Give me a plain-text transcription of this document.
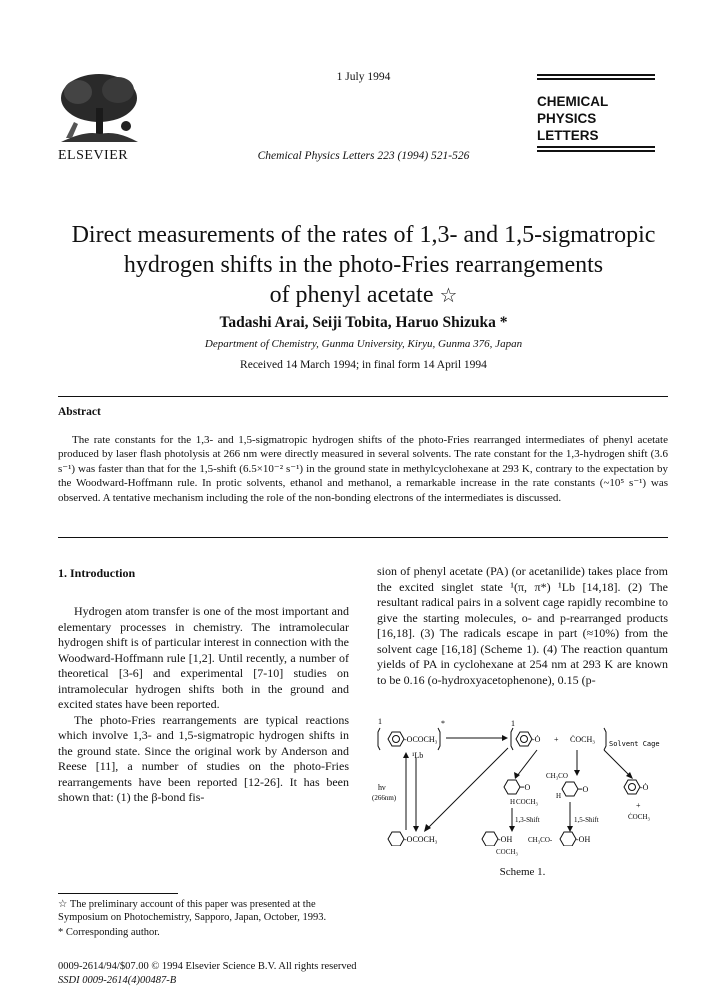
ELSEVIER
1 July 1994
Chemical Physics Letters 223 (1994) 521-526
CHEMICAL
PHYSICS
LETTERS
Direct measurements of the rates of 1,3- and 1,5-sigmatropic
hydrogen shifts in the photo-Fries rearrangements
of phenyl acetate ☆
Tadashi Arai, Seiji Tobita, Haruo Shizuka *
Department of Chemistry, Gunma University, Kiryu, Gunma 376, Japan
Received 14 March 1994; in final form 14 April 1994
Abstract
The rate constants for the 1,3- and 1,5-sigmatropic hydrogen shifts of the photo-Fries rearranged intermediates of phenyl acetate produced by laser flash photolysis at 266 nm were directly measured in several solvents. The rate constant for the 1,3-hydrogen shift (3.6 s⁻¹) was faster than that for the 1,5-shift (6.5×10⁻² s⁻¹) in the ground state in methylcyclohexane at 293 K, contrary to the expectation by the Woodward-Hoffmann rule. In protic solvents, ethanol and methanol, a remarkable increase in the rate constants (~10⁵ s⁻¹) was observed. A tentative mechanism including the role of the non-bonding electrons of the intermediates is discussed.
1. Introduction

Hydrogen atom transfer is one of the most important and elementary processes in chemistry. The intramolecular hydrogen shift is of particular interest in connection with the Woodward-Hoffmann rule [1,2]. Until recently, a number of theoretical [3-6] and experimental [7-10] studies on intramolecular hydrogen shifts both in the ground and excited states have been reported.

The photo-Fries rearrangements are typical reactions which involve 1,3- and 1,5-sigmatropic hydrogen shifts in the ground state. Since the original work by Anderson and Reese [11], a number of studies on the photo-Fries rearrangements have been reported [12-26]. It has been shown that: (1) the β-bond fis-

sion of phenyl acetate (PA) (or acetanilide) takes place from the excited singlet state ¹(π, π*) ¹Lb [14,18]. (2) The resultant radical pairs in a solvent cage rapidly recombine to give the starting molecules, o- and p-rearranged products [16,18]. (3) The radicals escape in part (≈10%) from the solvent cage [16,18] (Scheme 1). (4) The reaction quantum yields of PA in cyclohexane at 254 nm at 293 K are known to be 0.16 (o-hydroxyacetophenone), 0.15 (p-
1
-OCOCH₃
*
¹Lb
1
-Ȯ + ĊOCH₃ Solvent Cage
hν
(266nm)
=O
H COCH₃
CH₃CO
H
=O	-Ȯ
+
ĊOCH₃
1,3-Shift	1,5-Shift
-OCOCH₃	-OH CH₃CO-	-OH
COCH₃
Scheme 1.
☆ The preliminary account of this paper was presented at the Symposium on Photochemistry, Sapporo, Japan, October, 1993.
* Corresponding author.
0009-2614/94/$07.00 © 1994 Elsevier Science B.V. All rights reserved
SSDI 0009-2614(4)00487-B
